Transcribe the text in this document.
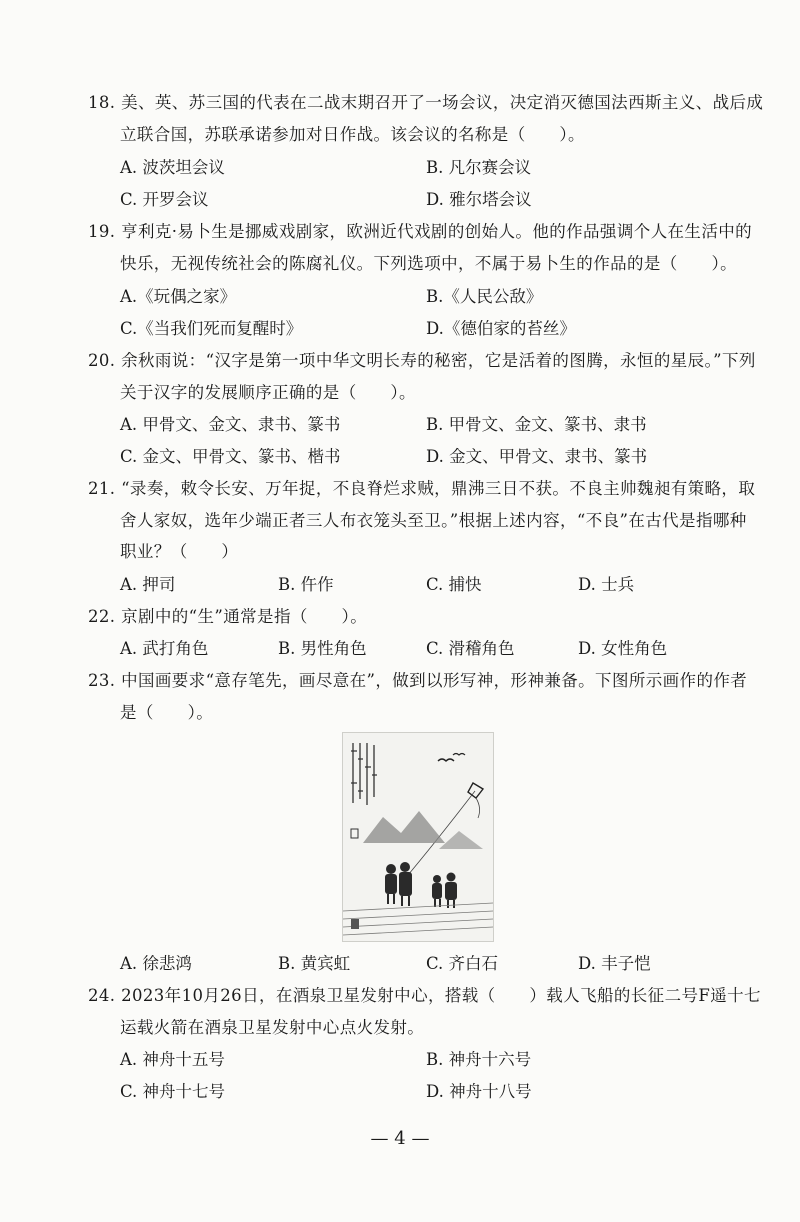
18. 美、英、苏三国的代表在二战末期召开了一场会议，决定消灭德国法西斯主义、战后成
立联合国，苏联承诺参加对日作战。该会议的名称是（　　）。
A. 波茨坦会议	B. 凡尔赛会议
C. 开罗会议	D. 雅尔塔会议
19. 亨利克·易卜生是挪威戏剧家，欧洲近代戏剧的创始人。他的作品强调个人在生活中的
快乐，无视传统社会的陈腐礼仪。下列选项中，不属于易卜生的作品的是（　　）。
A.《玩偶之家》	B.《人民公敌》
C.《当我们死而复醒时》	D.《德伯家的苔丝》
20. 余秋雨说：“汉字是第一项中华文明长寿的秘密，它是活着的图腾，永恒的星辰。”下列
关于汉字的发展顺序正确的是（　　）。
A. 甲骨文、金文、隶书、篆书	B. 甲骨文、金文、篆书、隶书
C. 金文、甲骨文、篆书、楷书	D. 金文、甲骨文、隶书、篆书
21. “录奏，敕令长安、万年捉，不良脊烂求贼，鼎沸三日不获。不良主帅魏昶有策略，取
舍人家奴，选年少端正者三人布衣笼头至卫。”根据上述内容，“不良”在古代是指哪种
职业？（　　）
A. 押司	B. 仵作	C. 捕快	D. 士兵
22. 京剧中的“生”通常是指（　　）。
A. 武打角色	B. 男性角色	C. 滑稽角色	D. 女性角色
23. 中国画要求“意存笔先，画尽意在”，做到以形写神，形神兼备。下图所示画作的作者
是（　　）。
A. 徐悲鸿	B. 黄宾虹	C. 齐白石	D. 丰子恺
24. 2023年10月26日，在酒泉卫星发射中心，搭载（　　）载人飞船的长征二号F遥十七
运载火箭在酒泉卫星发射中心点火发射。
A. 神舟十五号	B. 神舟十六号
C. 神舟十七号	D. 神舟十八号
— 4 —
